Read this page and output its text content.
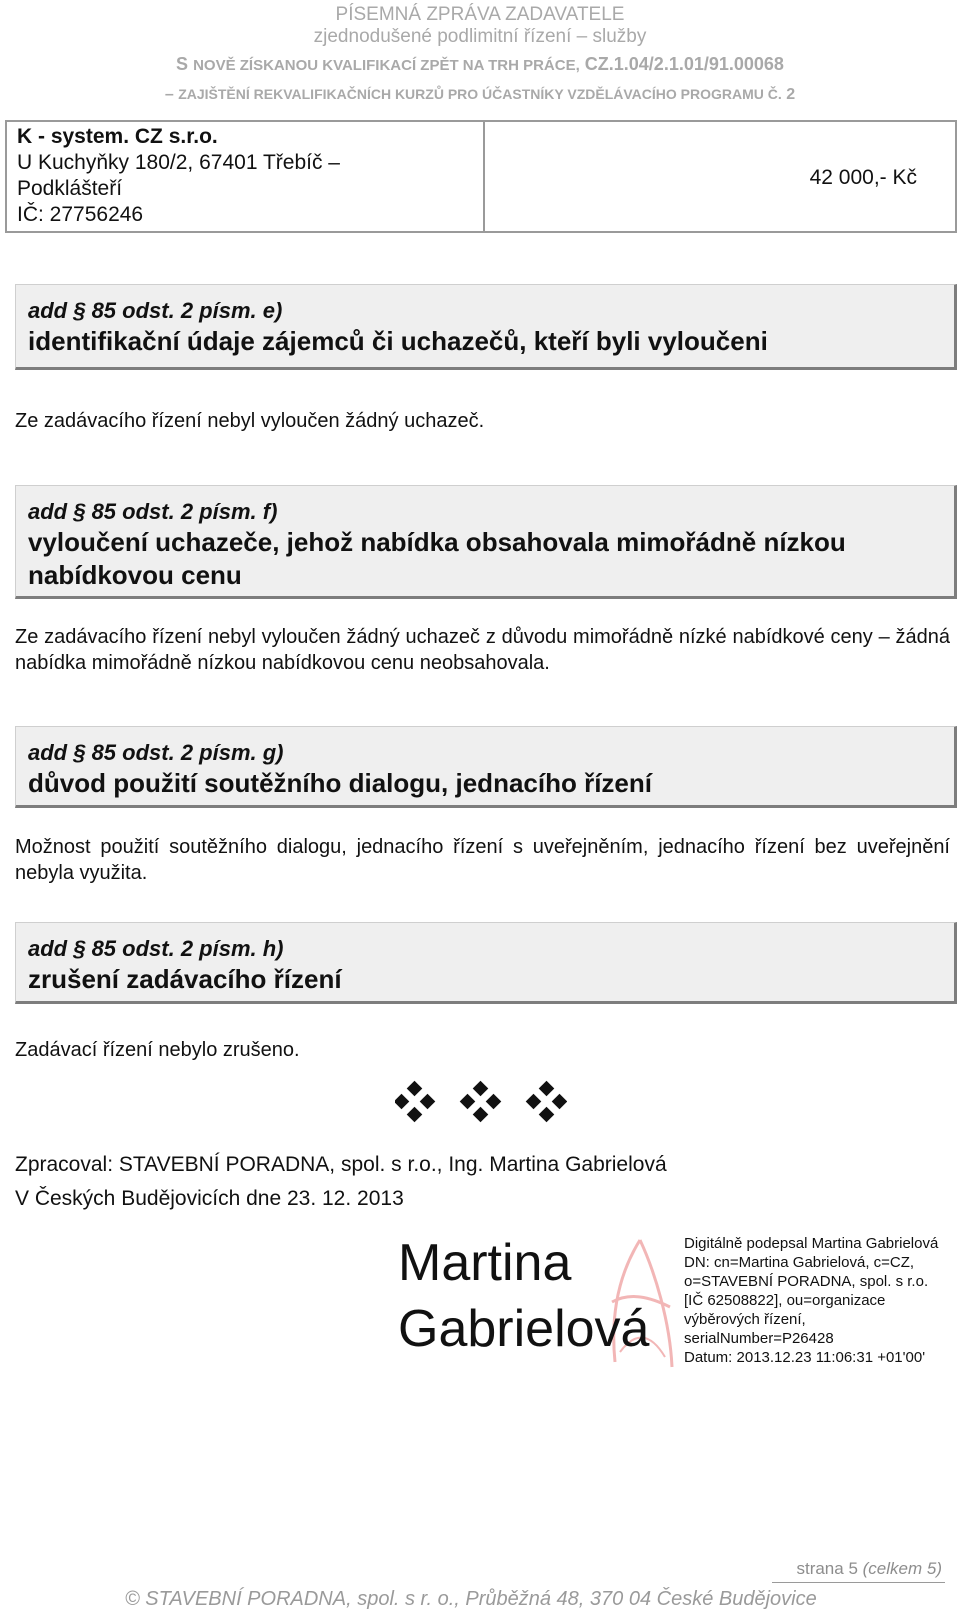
PÍSEMNÁ ZPRÁVA ZADAVATELE
zjednodušené podlimitní řízení – služby
S NOVĚ ZÍSKANOU KVALIFIKACÍ ZPĚT NA TRH PRÁCE, CZ.1.04/2.1.01/91.00068
– ZAJIŠTĚNÍ REKVALIFIKAČNÍCH KURZŮ PRO ÚČASTNÍKY VZDĚLÁVACÍHO PROGRAMU Č. 2
K - system. CZ s.r.o.
U Kuchyňky 180/2, 67401 Třebíč –
Podklášteří
IČ: 27756246
42 000,- Kč
add § 85 odst. 2 písm. e)
identifikační údaje zájemců či uchazečů, kteří byli vyloučeni
Ze zadávacího řízení nebyl vyloučen žádný uchazeč.
add § 85 odst. 2 písm. f)
vyloučení uchazeče, jehož nabídka obsahovala mimořádně nízkou nabídkovou cenu
Ze zadávacího řízení nebyl vyloučen žádný uchazeč z důvodu mimořádně nízké nabídkové ceny – žádná nabídka mimořádně nízkou nabídkovou cenu neobsahovala.
add § 85 odst. 2 písm. g)
důvod použití soutěžního dialogu, jednacího řízení
Možnost použití soutěžního dialogu, jednacího řízení s uveřejněním, jednacího řízení bez uveřejnění nebyla využita.
add § 85 odst. 2 písm. h)
zrušení zadávacího řízení
Zadávací řízení nebylo zrušeno.
Zpracoval: STAVEBNÍ PORADNA, spol. s r.o., Ing. Martina Gabrielová
V Českých Budějovicích dne 23. 12. 2013
Martina
Gabrielová
Digitálně podepsal Martina Gabrielová
DN: cn=Martina Gabrielová, c=CZ,
o=STAVEBNÍ PORADNA, spol. s r.o.
[IČ 62508822], ou=organizace
výběrových řízení,
serialNumber=P26428
Datum: 2013.12.23 11:06:31 +01'00'
strana 5 (celkem 5)
© STAVEBNÍ PORADNA, spol. s r. o., Průběžná 48, 370 04 České Budějovice
